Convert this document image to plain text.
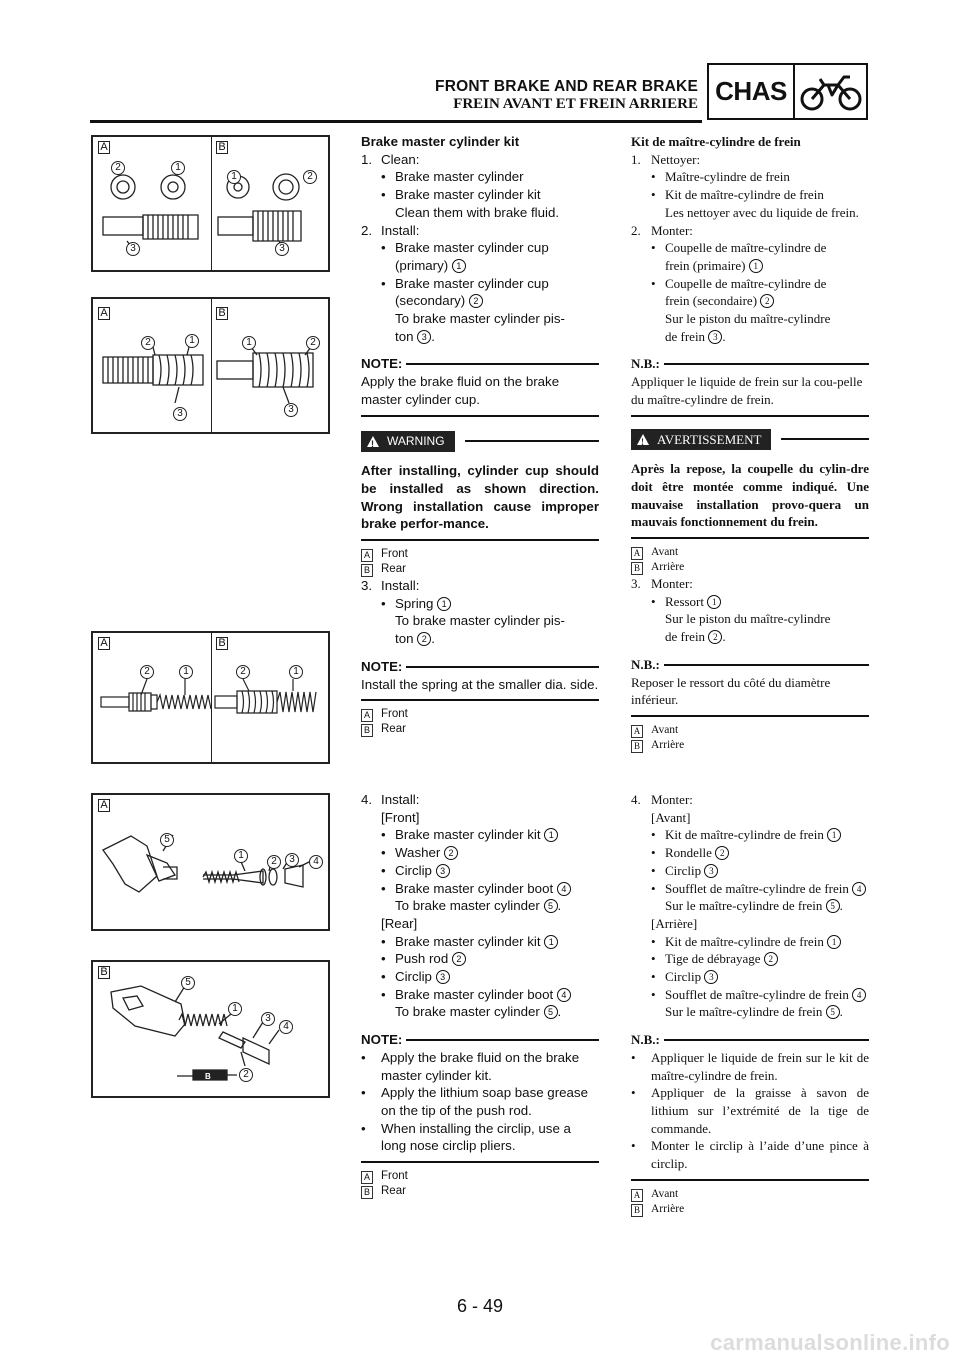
FRONT BRAKE AND REAR BRAKE
FREIN AVANT ET FREIN ARRIERE CHAS
A	B
2	1
3
1	2
3
A	B
2	1
3
1	2
3
A	B
2	1	2	1
A
5
1
2	3	4
B
B
5
1
3
4
2
Brake master cylinder kit
1. Clean:
• Brake master cylinder
• Brake master cylinder kit
Clean them with brake fluid.
2. Install:
• Brake master cylinder cup
(primary) 1
• Brake master cylinder cup
(secondary) 2
To brake master cylinder pis-
ton 3 .
NOTE:
Apply the brake fluid on the brake master cylinder cup.
!
WARNING
After installing, cylinder cup should be installed as shown direction. Wrong installation cause improper brake perfor-mance.
A Front
B Rear
3. Install:
• Spring 1
To brake master cylinder pis-
ton 2 .
NOTE:
Install the spring at the smaller dia. side.
A Front
B Rear
4. Install:
[Front]
• Brake master cylinder kit 1
• Washer 2
• Circlip 3
• Brake master cylinder boot 4
To brake master cylinder 5 .
[Rear]
• Brake master cylinder kit 1
• Push rod 2
• Circlip 3
• Brake master cylinder boot 4
To brake master cylinder 5 .
NOTE:
•	Apply the brake fluid on the brake master cylinder kit.
•	Apply the lithium soap base grease on the tip of the push rod.
•	When installing the circlip, use a long nose circlip pliers.
A Front
B Rear
Kit de maître-cylindre de frein
1. Nettoyer:
• Maître-cylindre de frein
• Kit de maître-cylindre de frein
Les nettoyer avec du liquide de frein.
2. Monter:
• Coupelle de maître-cylindre de
frein (primaire) 1
• Coupelle de maître-cylindre de
frein (secondaire) 2
Sur le piston du maître-cylindre
de frein 3 .
N.B.:
Appliquer le liquide de frein sur la cou-pelle du maître-cylindre de frein.
!
AVERTISSEMENT
Après la repose, la coupelle du cylin-dre doit être montée comme indiqué. Une mauvaise installation provo-quera un mauvais fonctionnement du frein.
A Avant
B Arrière
3. Monter:
• Ressort 1
Sur le piston du maître-cylindre
de frein 2 .
N.B.:
Reposer le ressort du côté du diamètre inférieur.
A Avant
B Arrière
4. Monter:
[Avant]
• Kit de maître-cylindre de frein 1
• Rondelle 2
• Circlip 3
• Soufflet de maître-cylindre de frein 4
Sur le maître-cylindre de frein 5 .
[Arrière]
• Kit de maître-cylindre de frein 1
• Tige de débrayage 2
• Circlip 3
• Soufflet de maître-cylindre de frein 4
Sur le maître-cylindre de frein 5 .
N.B.:
•	Appliquer le liquide de frein sur le kit de maître-cylindre de frein.
•	Appliquer de la graisse à savon de lithium sur l’extrémité de la tige de commande.
•	Monter le circlip à l’aide d’une pince à circlip.
A Avant
B Arrière
6 - 49
carmanualsonline.info
